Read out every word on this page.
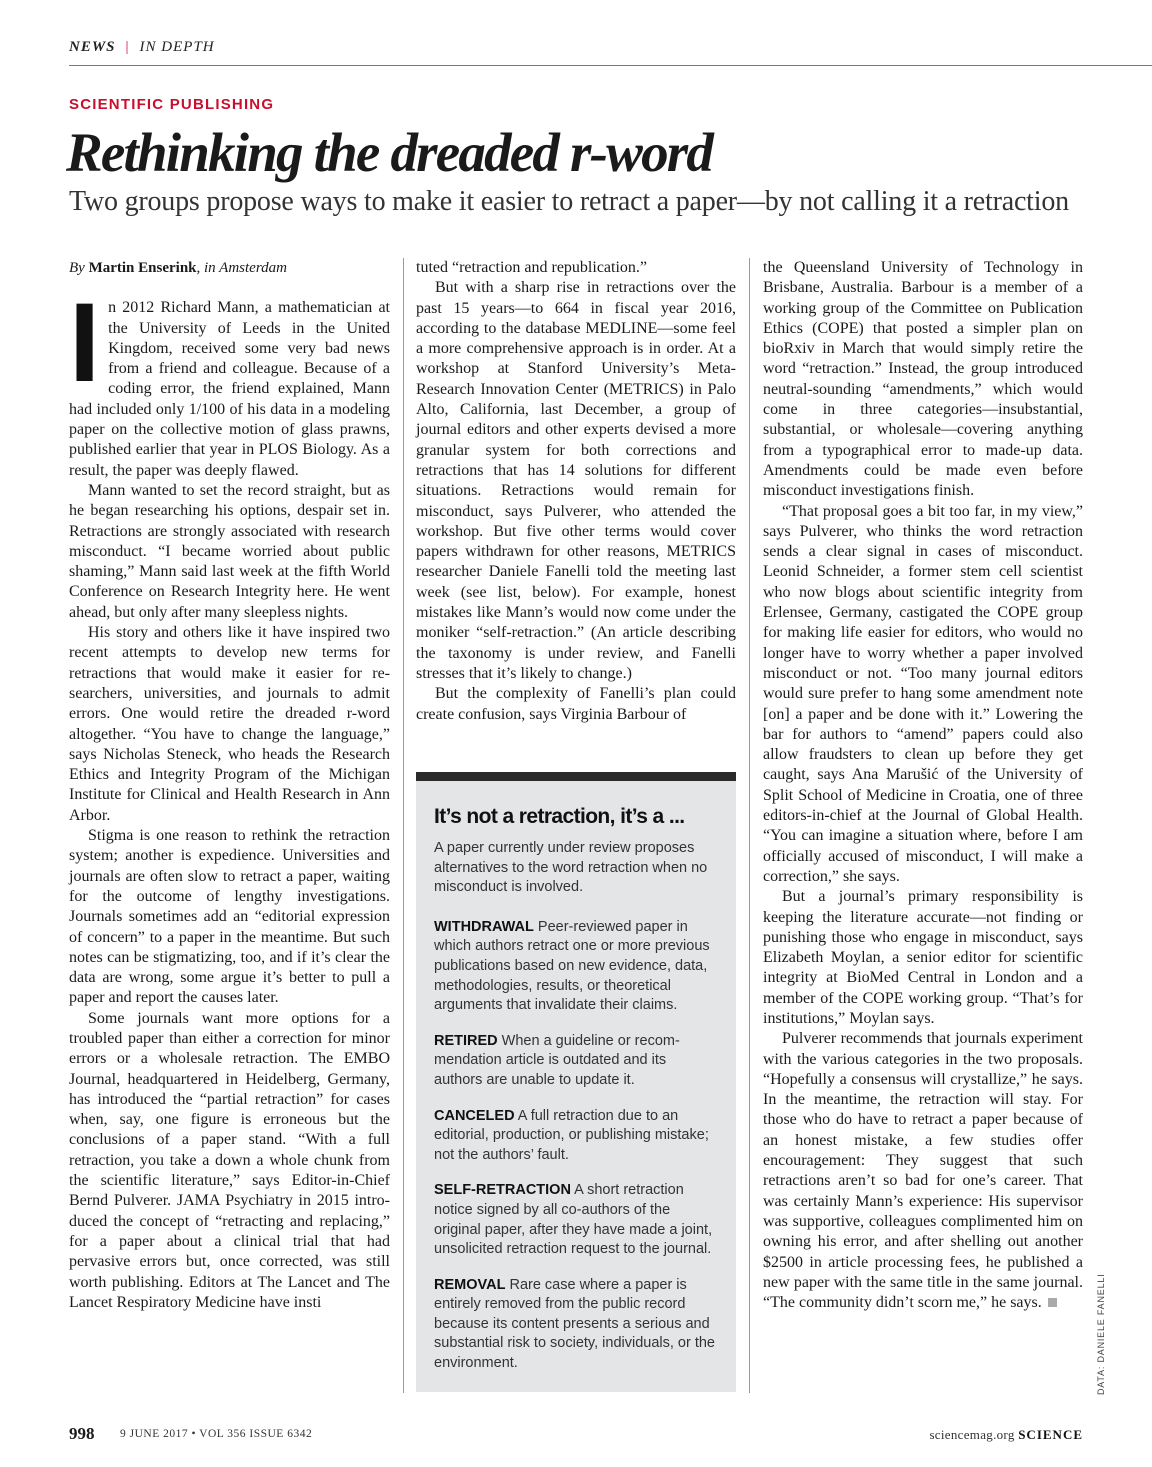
NEWS | IN DEPTH
SCIENTIFIC PUBLISHING
Rethinking the dreaded r-word
Two groups propose ways to make it easier to retract a paper—by not calling it a retraction
By Martin Enserink, in Amsterdam

In 2012 Richard Mann, a mathematician at the University of Leeds in the United Kingdom, received some very bad news from a friend and colleague. Because of a coding error, the friend explained, Mann had included only 1/100 of his data in a modeling paper on the collective motion of glass prawns, published earlier that year in PLOS Biology. As a result, the paper was deeply flawed.

Mann wanted to set the record straight, but as he began researching his options, despair set in. Retractions are strongly associated with research misconduct. “I became worried about public shaming,” Mann said last week at the fifth World Conference on Research Integrity here. He went ahead, but only after many sleepless nights.

His story and others like it have inspired two recent attempts to develop new terms for retractions that would make it easier for researchers, universities, and journals to admit errors. One would retire the dreaded r-word altogether. “You have to change the language,” says Nicholas Steneck, who heads the Research Ethics and Integrity Program of the Michigan Institute for Clinical and Health Research in Ann Arbor.

Stigma is one reason to rethink the retraction system; another is expedience. Universities and journals are often slow to retract a paper, waiting for the outcome of lengthy investigations. Journals sometimes add an “editorial expression of concern” to a paper in the meantime. But such notes can be stigmatizing, too, and if it’s clear the data are wrong, some argue it’s better to pull a paper and report the causes later.

Some journals want more options for a troubled paper than either a correction for minor errors or a wholesale retraction. The EMBO Journal, headquartered in Heidelberg, Germany, has introduced the “partial retraction” for cases when, say, one figure is erroneous but the conclusions of a paper stand. “With a full retraction, you take a down a whole chunk from the scientific literature,” says Editor-in-Chief Bernd Pulverer. JAMA Psychiatry in 2015 introduced the concept of “retracting and replacing,” for a paper about a clinical trial that had pervasive errors but, once corrected, was still worth publishing. Editors at The Lancet and The Lancet Respiratory Medicine have insti

tuted “retraction and republication.”

But with a sharp rise in retractions over the past 15 years—to 664 in fiscal year 2016, according to the database MEDLINE—some feel a more comprehensive approach is in order. At a workshop at Stanford University’s Meta-Research Innovation Center (METRICS) in Palo Alto, California, last December, a group of journal editors and other experts devised a more granular system for both corrections and retractions that has 14 solutions for different situations. Retractions would remain for misconduct, says Pulverer, who attended the workshop. But five other terms would cover papers withdrawn for other reasons, METRICS researcher Daniele Fanelli told the meeting last week (see list, below). For example, honest mistakes like Mann’s would now come under the moniker “self-retraction.” (An article describing the taxonomy is under review, and Fanelli stresses that it’s likely to change.)

But the complexity of Fanelli’s plan could create confusion, says Virginia Barbour of

It’s not a retraction, it’s a ...

A paper currently under review proposes alternatives to the word retraction when no misconduct is involved.

WITHDRAWAL Peer-reviewed paper in which authors retract one or more previous publications based on new evidence, data, methodologies, results, or theoretical arguments that invalidate their claims.

RETIRED When a guideline or recommendation article is outdated and its authors are unable to update it.

CANCELED A full retraction due to an editorial, production, or publishing mistake; not the authors’ fault.

SELF-RETRACTION A short retraction notice signed by all co-authors of the original paper, after they have made a joint, unsolicited retraction request to the journal.

REMOVAL Rare case where a paper is entirely removed from the public record because its content presents a serious and substantial risk to society, individuals, or the environment.

the Queensland University of Technology in Brisbane, Australia. Barbour is a member of a working group of the Committee on Publication Ethics (COPE) that posted a simpler plan on bioRxiv in March that would simply retire the word “retraction.” Instead, the group introduced neutral-sounding “amendments,” which would come in three categories—insubstantial, substantial, or wholesale—covering anything from a typographical error to made-up data. Amendments could be made even before misconduct investigations finish.

“That proposal goes a bit too far, in my view,” says Pulverer, who thinks the word retraction sends a clear signal in cases of misconduct. Leonid Schneider, a former stem cell scientist who now blogs about scientific integrity from Erlensee, Germany, castigated the COPE group for making life easier for editors, who would no longer have to worry whether a paper involved misconduct or not. “Too many journal editors would sure prefer to hang some amendment note [on] a paper and be done with it.” Lowering the bar for authors to “amend” papers could also allow fraudsters to clean up before they get caught, says Ana Marušić of the University of Split School of Medicine in Croatia, one of three editors-in-chief at the Journal of Global Health. “You can imagine a situation where, before I am officially accused of misconduct, I will make a correction,” she says.

But a journal’s primary responsibility is keeping the literature accurate—not finding or punishing those who engage in misconduct, says Elizabeth Moylan, a senior editor for scientific integrity at BioMed Central in London and a member of the COPE working group. “That’s for institutions,” Moylan says.

Pulverer recommends that journals experiment with the various categories in the two proposals. “Hopefully a consensus will crystallize,” he says. In the meantime, the retraction will stay. For those who do have to retract a paper because of an honest mistake, a few studies offer encouragement: They suggest that such retractions aren’t so bad for one’s career. That was certainly Mann’s experience: His supervisor was supportive, colleagues complimented him on owning his error, and after shelling out another $2500 in article processing fees, he published a new paper with the same title in the same journal. “The community didn’t scorn me,” he says.	DATA: DANIELE FANELLI
998 9 JUNE 2017 • VOL 356 ISSUE 6342	sciencemag.org SCIENCE
